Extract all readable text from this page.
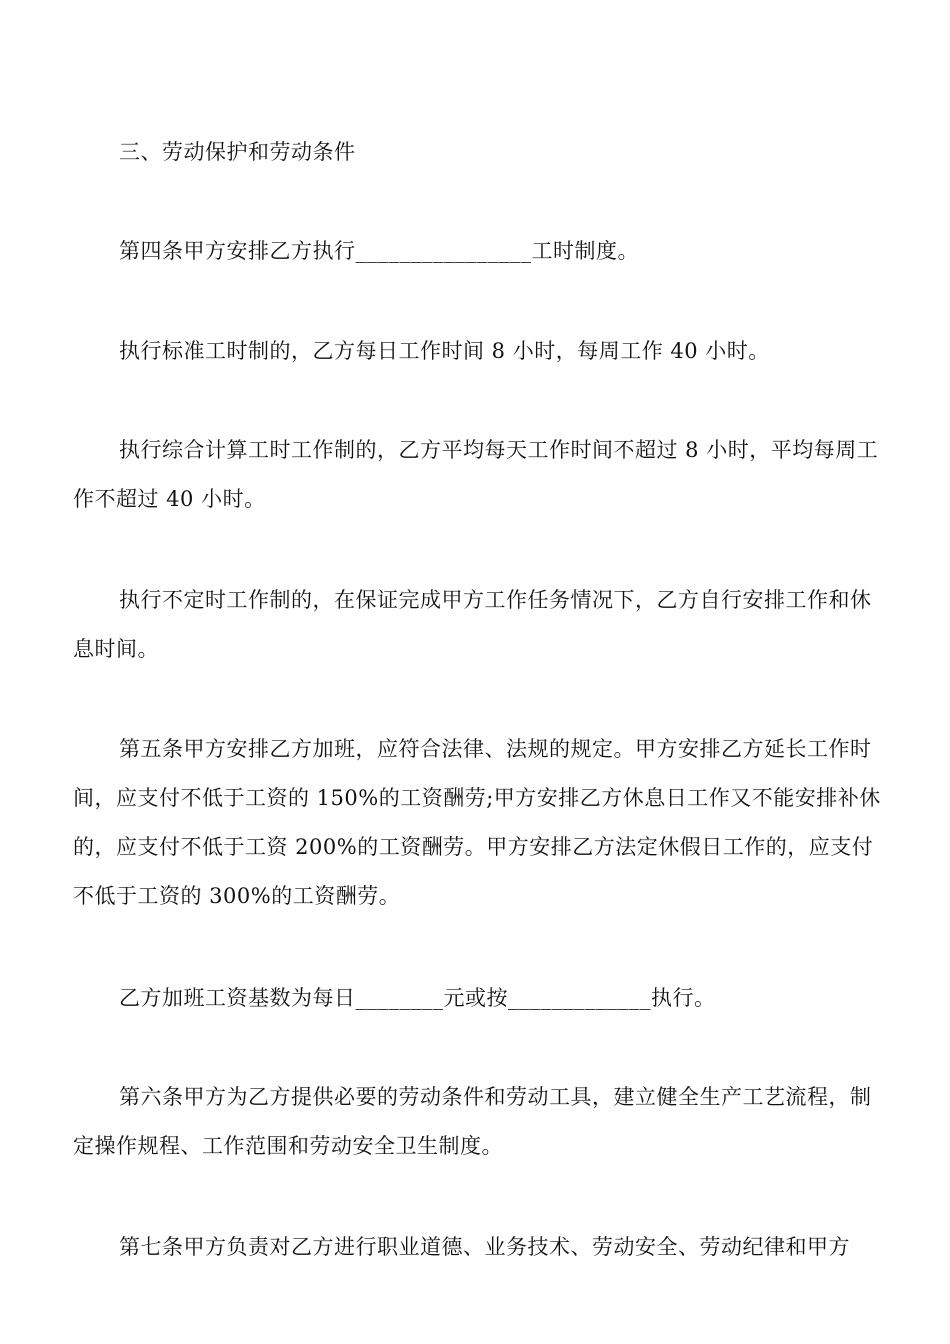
三、劳动保护和劳动条件
第四条甲方安排乙方执行________________工时制度。
执行标准工时制的，乙方每日工作时间 8 小时，每周工作 40 小时。
执行综合计算工时工作制的，乙方平均每天工作时间不超过 8 小时，平均每周工作不超过 40 小时。
执行不定时工作制的，在保证完成甲方工作任务情况下，乙方自行安排工作和休息时间。
第五条甲方安排乙方加班，应符合法律、法规的规定。甲方安排乙方延长工作时间，应支付不低于工资的 150%的工资酬劳;甲方安排乙方休息日工作又不能安排补休的，应支付不低于工资 200%的工资酬劳。甲方安排乙方法定休假日工作的，应支付不低于工资的 300%的工资酬劳。
乙方加班工资基数为每日________元或按_____________执行。
第六条甲方为乙方提供必要的劳动条件和劳动工具，建立健全生产工艺流程，制定操作规程、工作范围和劳动安全卫生制度。
第七条甲方负责对乙方进行职业道德、业务技术、劳动安全、劳动纪律和甲方
